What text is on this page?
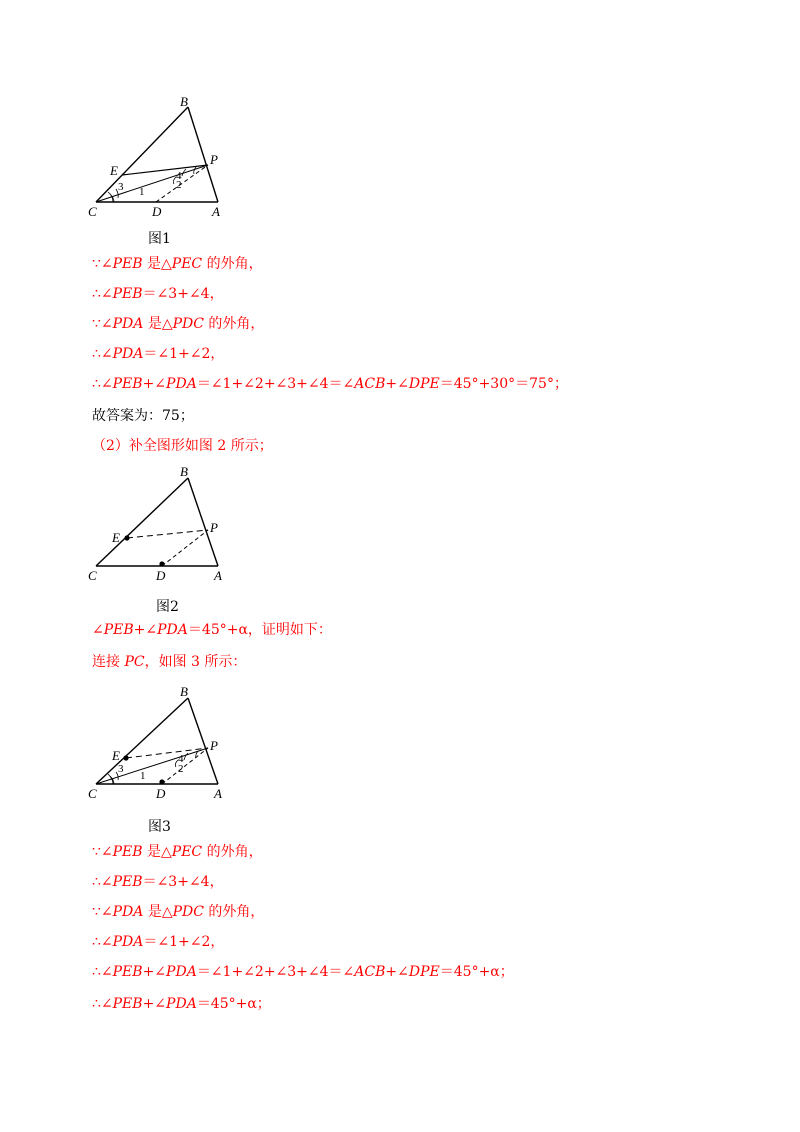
B
P
E
C	D	A
3 1
4
2
图1
∵∠PEB 是△PEC 的外角，
∴∠PEB＝∠3+∠4，
∵∠PDA 是△PDC 的外角，
∴∠PDA＝∠1+∠2，
∴∠PEB+∠PDA＝∠1+∠2+∠3+∠4＝∠ACB+∠DPE＝45°+30°＝75°；
故答案为：75；
（2）补全图形如图 2 所示；
B
P
E
C	D	A
图2
∠PEB+∠PDA＝45°+α，证明如下：
连接 PC，如图 3 所示：
B
P
E
C	D	A
3
1
4
2
图3
∵∠PEB 是△PEC 的外角，
∴∠PEB＝∠3+∠4，
∵∠PDA 是△PDC 的外角，
∴∠PDA＝∠1+∠2，
∴∠PEB+∠PDA＝∠1+∠2+∠3+∠4＝∠ACB+∠DPE＝45°+α；
∴∠PEB+∠PDA＝45°+α；
